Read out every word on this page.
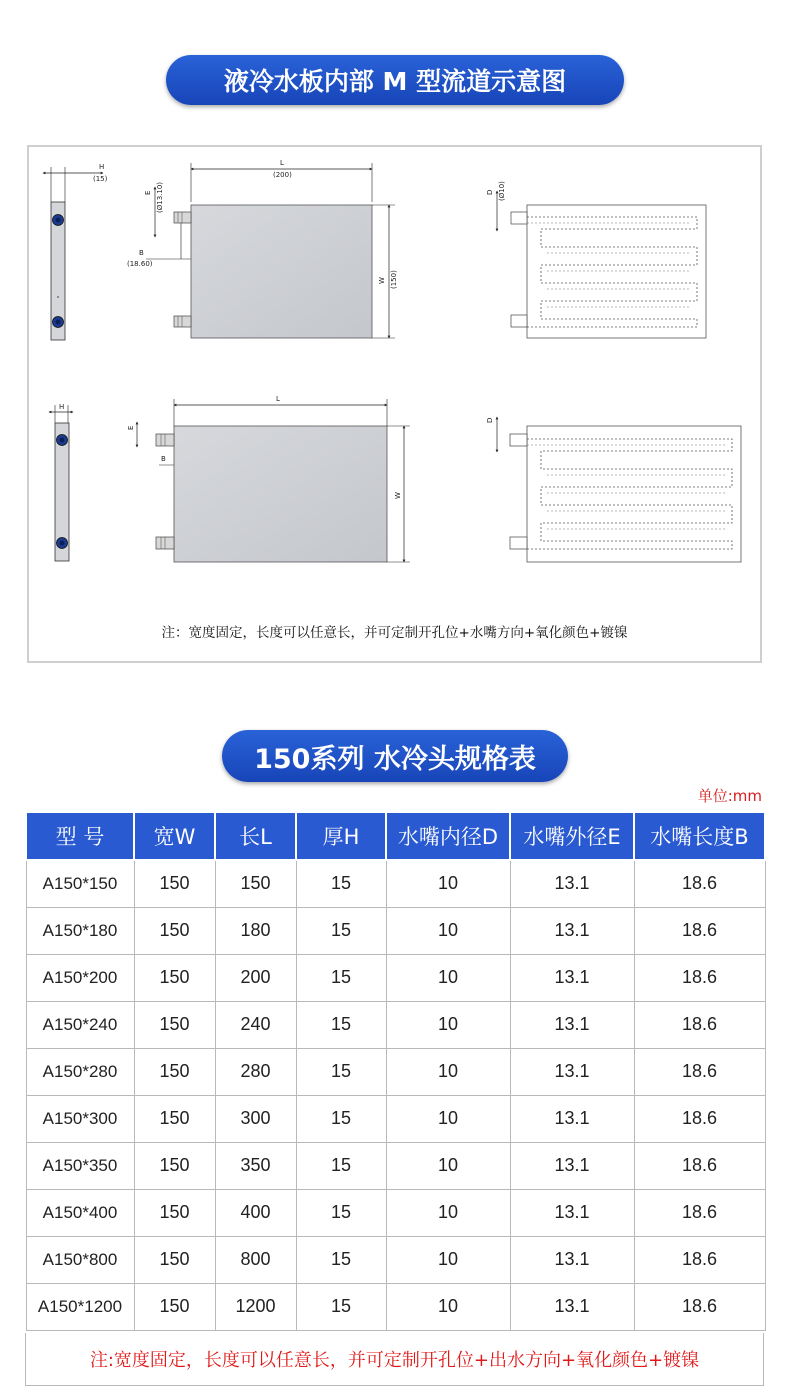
液冷水板内部 M 型流道示意图
H
(15)
L
(200)
E (Ø13.10)
B
(18.60)
W (150)
D (Ø10)
H
L
E
B
W
D
注：宽度固定，长度可以任意长，并可定制开孔位+水嘴方向+氧化颜色+镀镍
150系列 水冷头规格表
单位:mm
型 号	宽W	长L	厚H	水嘴内径D	水嘴外径E	水嘴长度B
A150*150	150	150	15	10	13.1	18.6
A150*180	150	180	15	10	13.1	18.6
A150*200	150	200	15	10	13.1	18.6
A150*240	150	240	15	10	13.1	18.6
A150*280	150	280	15	10	13.1	18.6
A150*300	150	300	15	10	13.1	18.6
A150*350	150	350	15	10	13.1	18.6
A150*400	150	400	15	10	13.1	18.6
A150*800	150	800	15	10	13.1	18.6
A150*1200	150	1200	15	10	13.1	18.6
注:宽度固定，长度可以任意长，并可定制开孔位+出水方向+氧化颜色+镀镍
